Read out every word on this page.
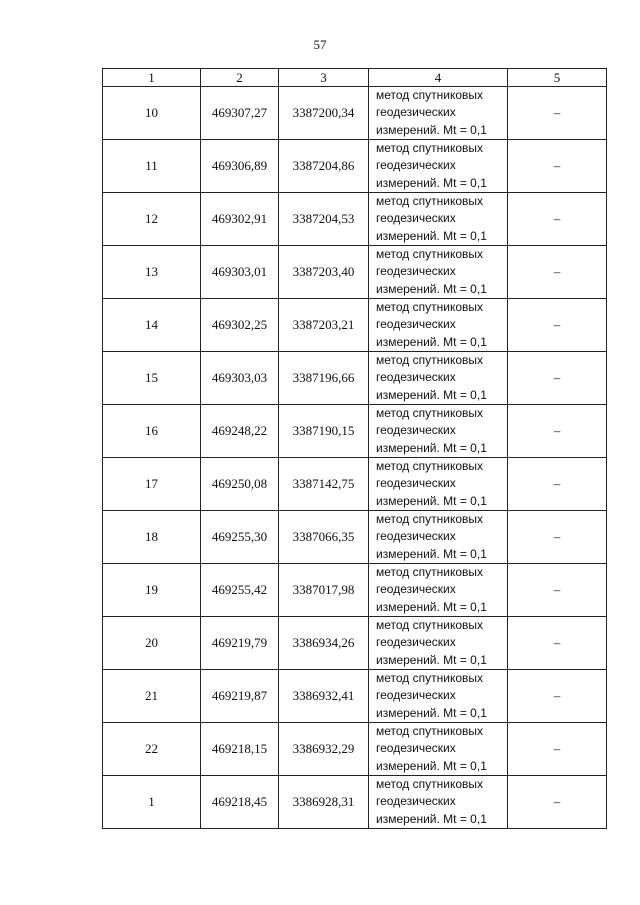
57
1	2	3	4	5
10	469307,27	3387200,34	метод спутниковых
геодезических
измерений. Mt = 0,1	–
11	469306,89	3387204,86	метод спутниковых
геодезических
измерений. Mt = 0,1	–
12	469302,91	3387204,53	метод спутниковых
геодезических
измерений. Mt = 0,1	–
13	469303,01	3387203,40	метод спутниковых
геодезических
измерений. Mt = 0,1	–
14	469302,25	3387203,21	метод спутниковых
геодезических
измерений. Mt = 0,1	–
15	469303,03	3387196,66	метод спутниковых
геодезических
измерений. Mt = 0,1	–
16	469248,22	3387190,15	метод спутниковых
геодезических
измерений. Mt = 0,1	–
17	469250,08	3387142,75	метод спутниковых
геодезических
измерений. Mt = 0,1	–
18	469255,30	3387066,35	метод спутниковых
геодезических
измерений. Mt = 0,1	–
19	469255,42	3387017,98	метод спутниковых
геодезических
измерений. Mt = 0,1	–
20	469219,79	3386934,26	метод спутниковых
геодезических
измерений. Mt = 0,1	–
21	469219,87	3386932,41	метод спутниковых
геодезических
измерений. Mt = 0,1	–
22	469218,15	3386932,29	метод спутниковых
геодезических
измерений. Mt = 0,1	–
1	469218,45	3386928,31	метод спутниковых
геодезических
измерений. Mt = 0,1	–
